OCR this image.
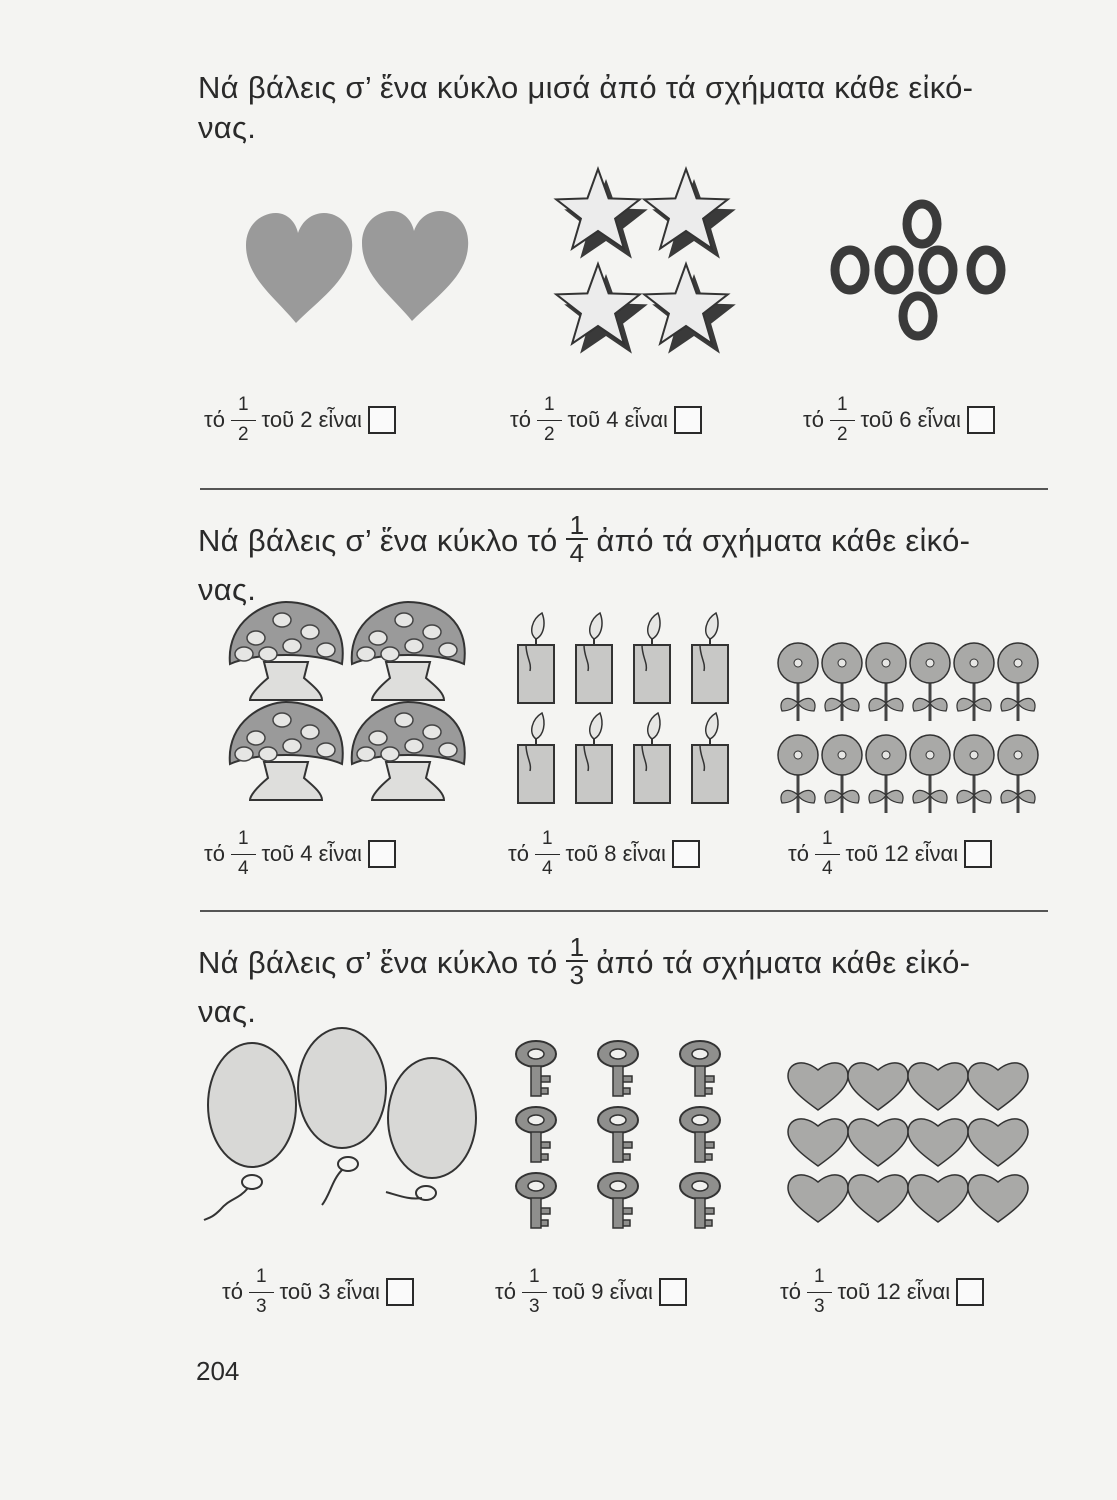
Νά βάλεις σ’ ἕνα κύκλο μισά ἀπό τά σχήματα κάθε εἰκό-
νας.
τό $\frac{1}{2}$ τοῦ 2 εἶναι	τό $\frac{1}{2}$ τοῦ 4 εἶναι	τό $\frac{1}{2}$ τοῦ 6 εἶναι
Νά βάλεις σ’ ἕνα κύκλο τό $\frac{1}{4}$ ἀπό τά σχήματα κάθε εἰκό-
νας.
τό $\frac{1}{4}$ τοῦ 4 εἶναι	τό $\frac{1}{4}$ τοῦ 8 εἶναι	τό $\frac{1}{4}$ τοῦ 12 εἶναι
Νά βάλεις σ’ ἕνα κύκλο τό $\frac{1}{3}$ ἀπό τά σχήματα κάθε εἰκό-
νας.
τό $\frac{1}{3}$ τοῦ 3 εἶναι	τό $\frac{1}{3}$ τοῦ 9 εἶναι	τό $\frac{1}{3}$ τοῦ 12 εἶναι
204
